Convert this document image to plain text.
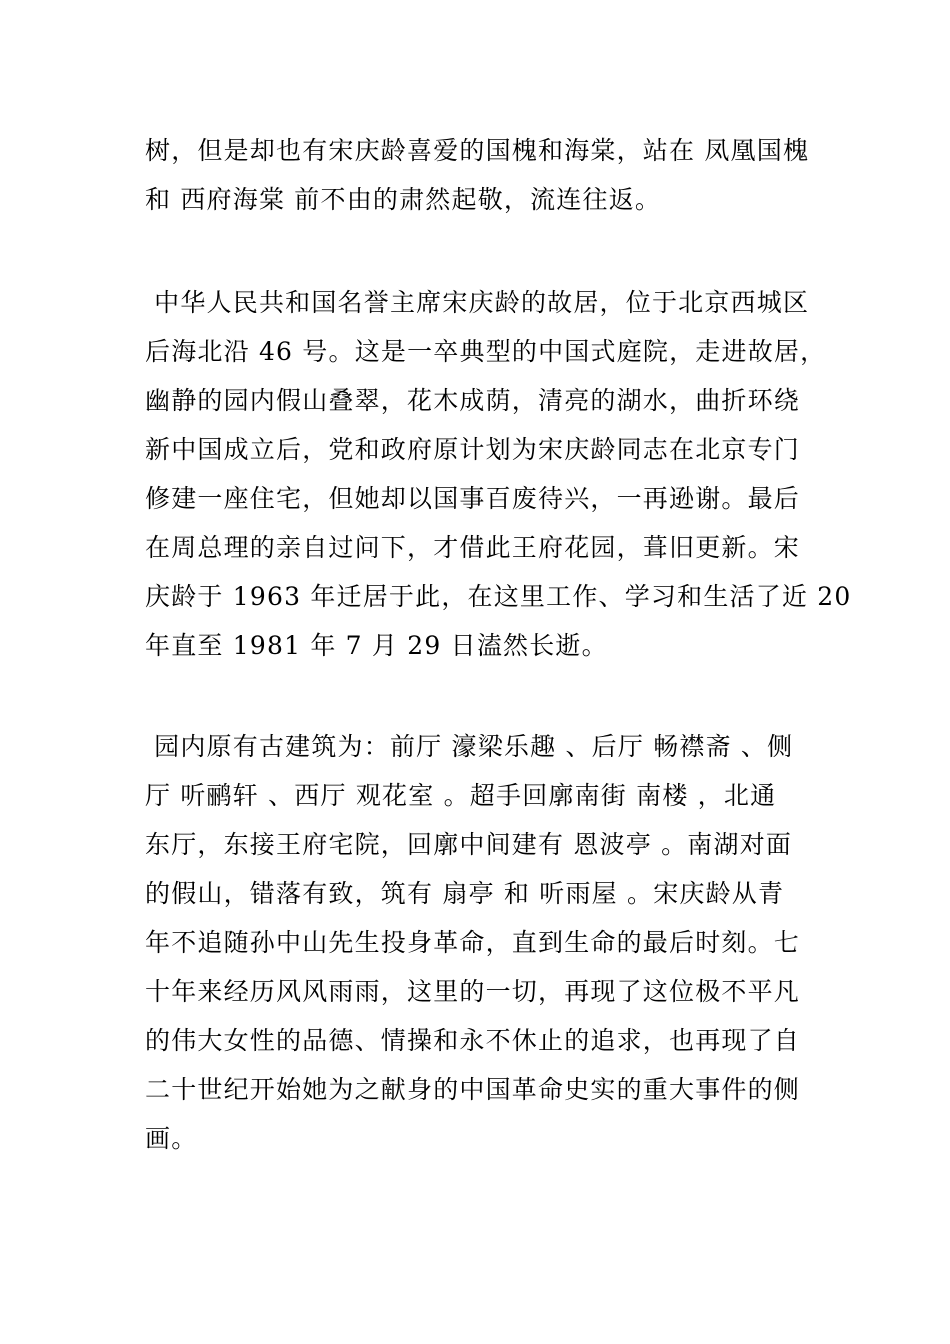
树，但是却也有宋庆龄喜爱的国槐和海棠，站在 凤凰国槐
和 西府海棠 前不由的肃然起敬，流连往返。
中华人民共和国名誉主席宋庆龄的故居，位于北京西城区
后海北沿 46 号。这是一卒典型的中国式庭院，走进故居，
幽静的园内假山叠翠，花木成荫，清亮的湖水，曲折环绕
新中国成立后，党和政府原计划为宋庆龄同志在北京专门
修建一座住宅，但她却以国事百废待兴，一再逊谢。最后
在周总理的亲自过问下，才借此王府花园，葺旧更新。宋
庆龄于 1963 年迁居于此，在这里工作、学习和生活了近 20
年直至 1981 年 7 月 29 日溘然长逝。
园内原有古建筑为：前厅 濠梁乐趣 、后厅 畅襟斋 、侧
厅 听鹂轩 、西厅 观花室 。超手回廓南街 南楼 ，北通
东厅，东接王府宅院，回廓中间建有 恩波亭 。南湖对面
的假山，错落有致，筑有 扇亭 和 听雨屋 。宋庆龄从青
年不追随孙中山先生投身革命，直到生命的最后时刻。七
十年来经历风风雨雨，这里的一切，再现了这位极不平凡
的伟大女性的品德、情操和永不休止的追求，也再现了自
二十世纪开始她为之献身的中国革命史实的重大事件的侧
画。
